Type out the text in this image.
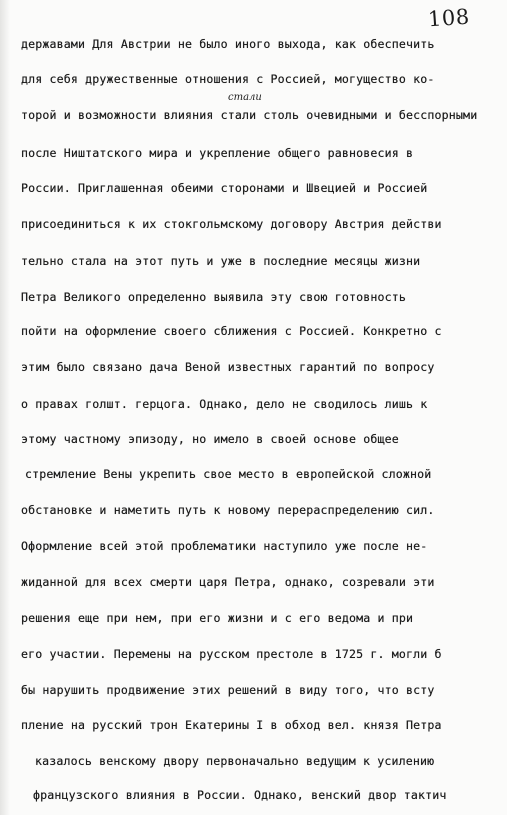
108
стали
державами Для Австрии не было иного выхода, как обеспечить
для себя дружественные отношения с Россией, могущество ко-
торой и возможности влияния стали столь очевидными и бесспорными
после Ништатского мира и укрепление общего равновесия в
России. Приглашенная обеими сторонами и Швецией и Россией
присоединиться к их стокгольмскому договору Австрия действи
тельно стала на этот путь и уже в последние месяцы жизни
Петра Великого определенно выявила эту свою готовность
пойти на оформление своего сближения с Россией. Конкретно с
этим было связано дача Веной известных гарантий по вопросу
о правах голшт. герцога. Однако, дело не сводилось лишь к
этому частному эпизоду, но имело в своей основе общее
стремление Вены укрепить свое место в европейской сложной
обстановке и наметить путь к новому перераспределению сил.
Оформление всей этой проблематики наступило уже после не-
жиданной для всех смерти царя Петра, однако, созревали эти
решения еще при нем, при его жизни и с его ведома и при
его участии. Перемены на русском престоле в 1725 г. могли б
бы нарушить продвижение этих решений в виду того, что всту
пление на русский трон Екатерины I в обход вел. князя Петра
казалось венскому двору первоначально ведущим к усилению
французского влияния в России. Однако, венский двор тактич
